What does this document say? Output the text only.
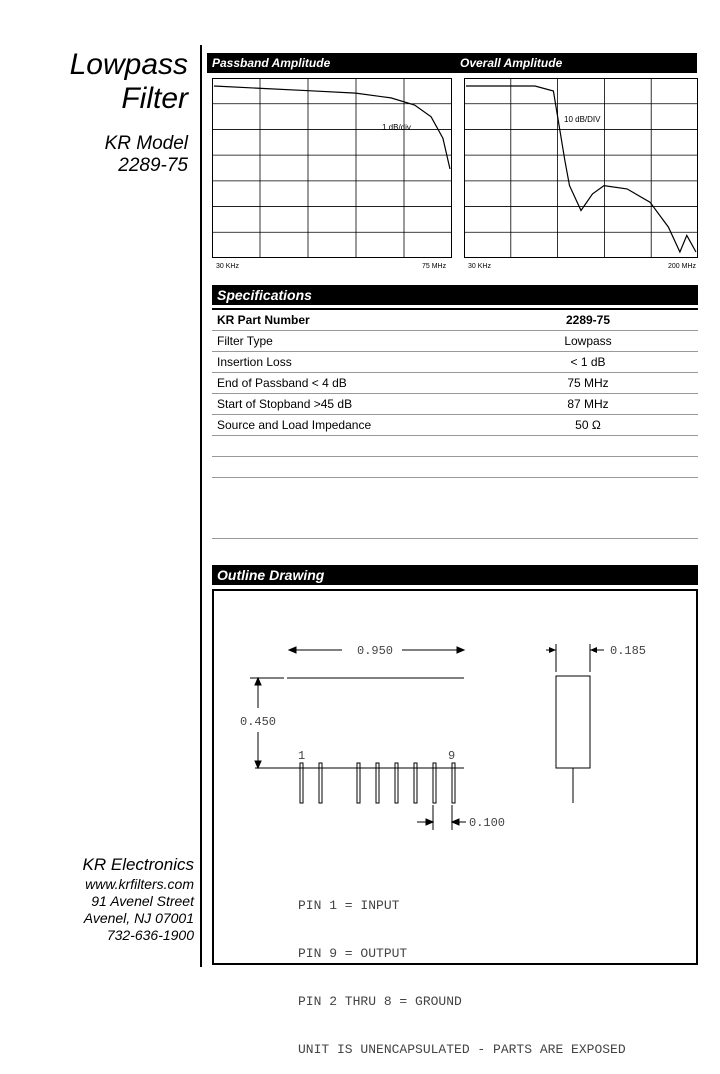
Lowpass
Filter
KR Model
2289-75
KR Electronics
www.krfilters.com
91 Avenel Street
Avenel, NJ 07001
732-636-1900
Passband Amplitude	Overall Amplitude
1 dB/div
30 KHz	75 MHz
10 dB/DIV
30 KHz	200 MHz
Specifications
KR Part Number	2289-75
Filter Type	Lowpass
Insertion Loss	< 1 dB
End of Passband < 4 dB	75 MHz
Start of Stopband >45 dB	87 MHz
Source and Load Impedance	50 Ω

Outline Drawing
0.950
0.450
1	9
0.100
0.185

PIN 1 = INPUT

PIN 9 = OUTPUT

PIN 2 THRU 8 = GROUND

UNIT IS UNENCAPSULATED - PARTS ARE EXPOSED
